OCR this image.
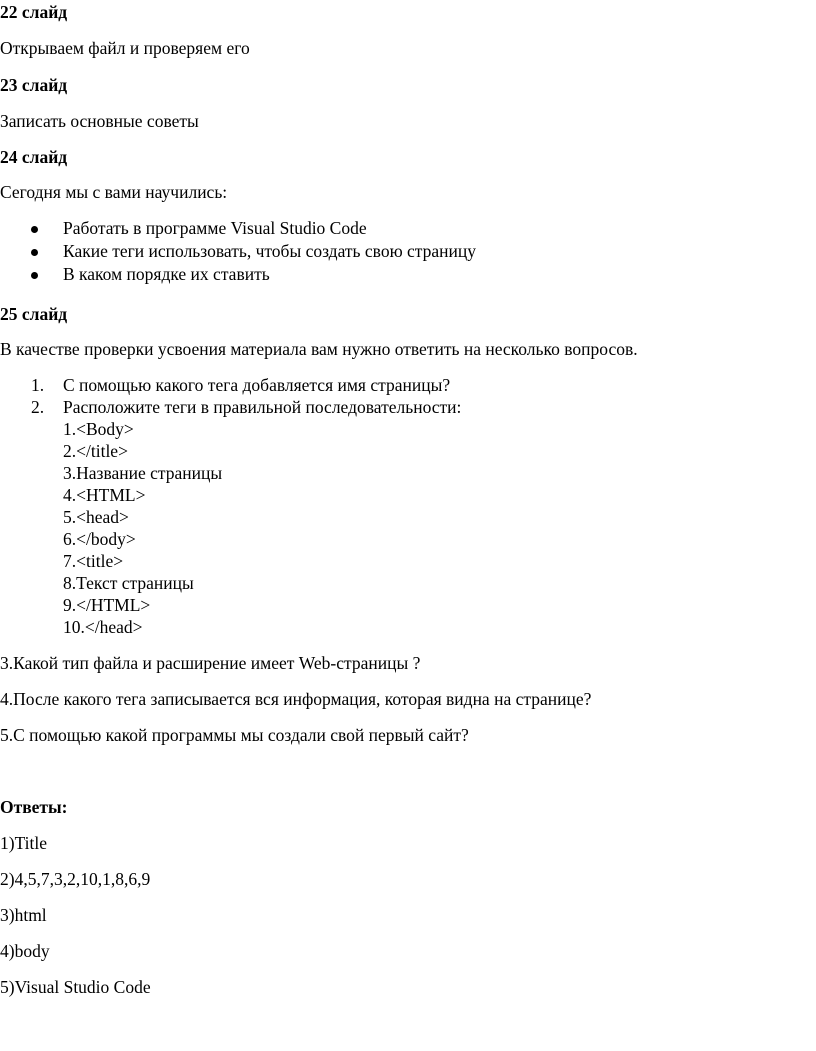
22 слайд
Открываем файл и проверяем его
23 слайд
Записать основные советы
24 слайд
Сегодня мы с вами научились:
Работать в программе Visual Studio Code
Какие теги использовать, чтобы создать свою страницу
В каком порядке их ставить
25 слайд
В качестве проверки усвоения материала вам нужно ответить на несколько вопросов.
1. С помощью какого тега добавляется имя страницы?
2. Расположите теги в правильной последовательности:
1.<Body>
2.</title>
3.Название страницы
4.<HTML>
5.<head>
6.</body>
7.<title>
8.Текст страницы
9.</HTML>
10.</head>
3.Какой тип файла и расширение имеет Web-страницы ?
4.После какого тега записывается вся информация, которая видна на странице?
5.С помощью какой программы мы создали свой первый сайт?
Ответы:
1)Title
2)4,5,7,3,2,10,1,8,6,9
3)html
4)body
5)Visual Studio Code
